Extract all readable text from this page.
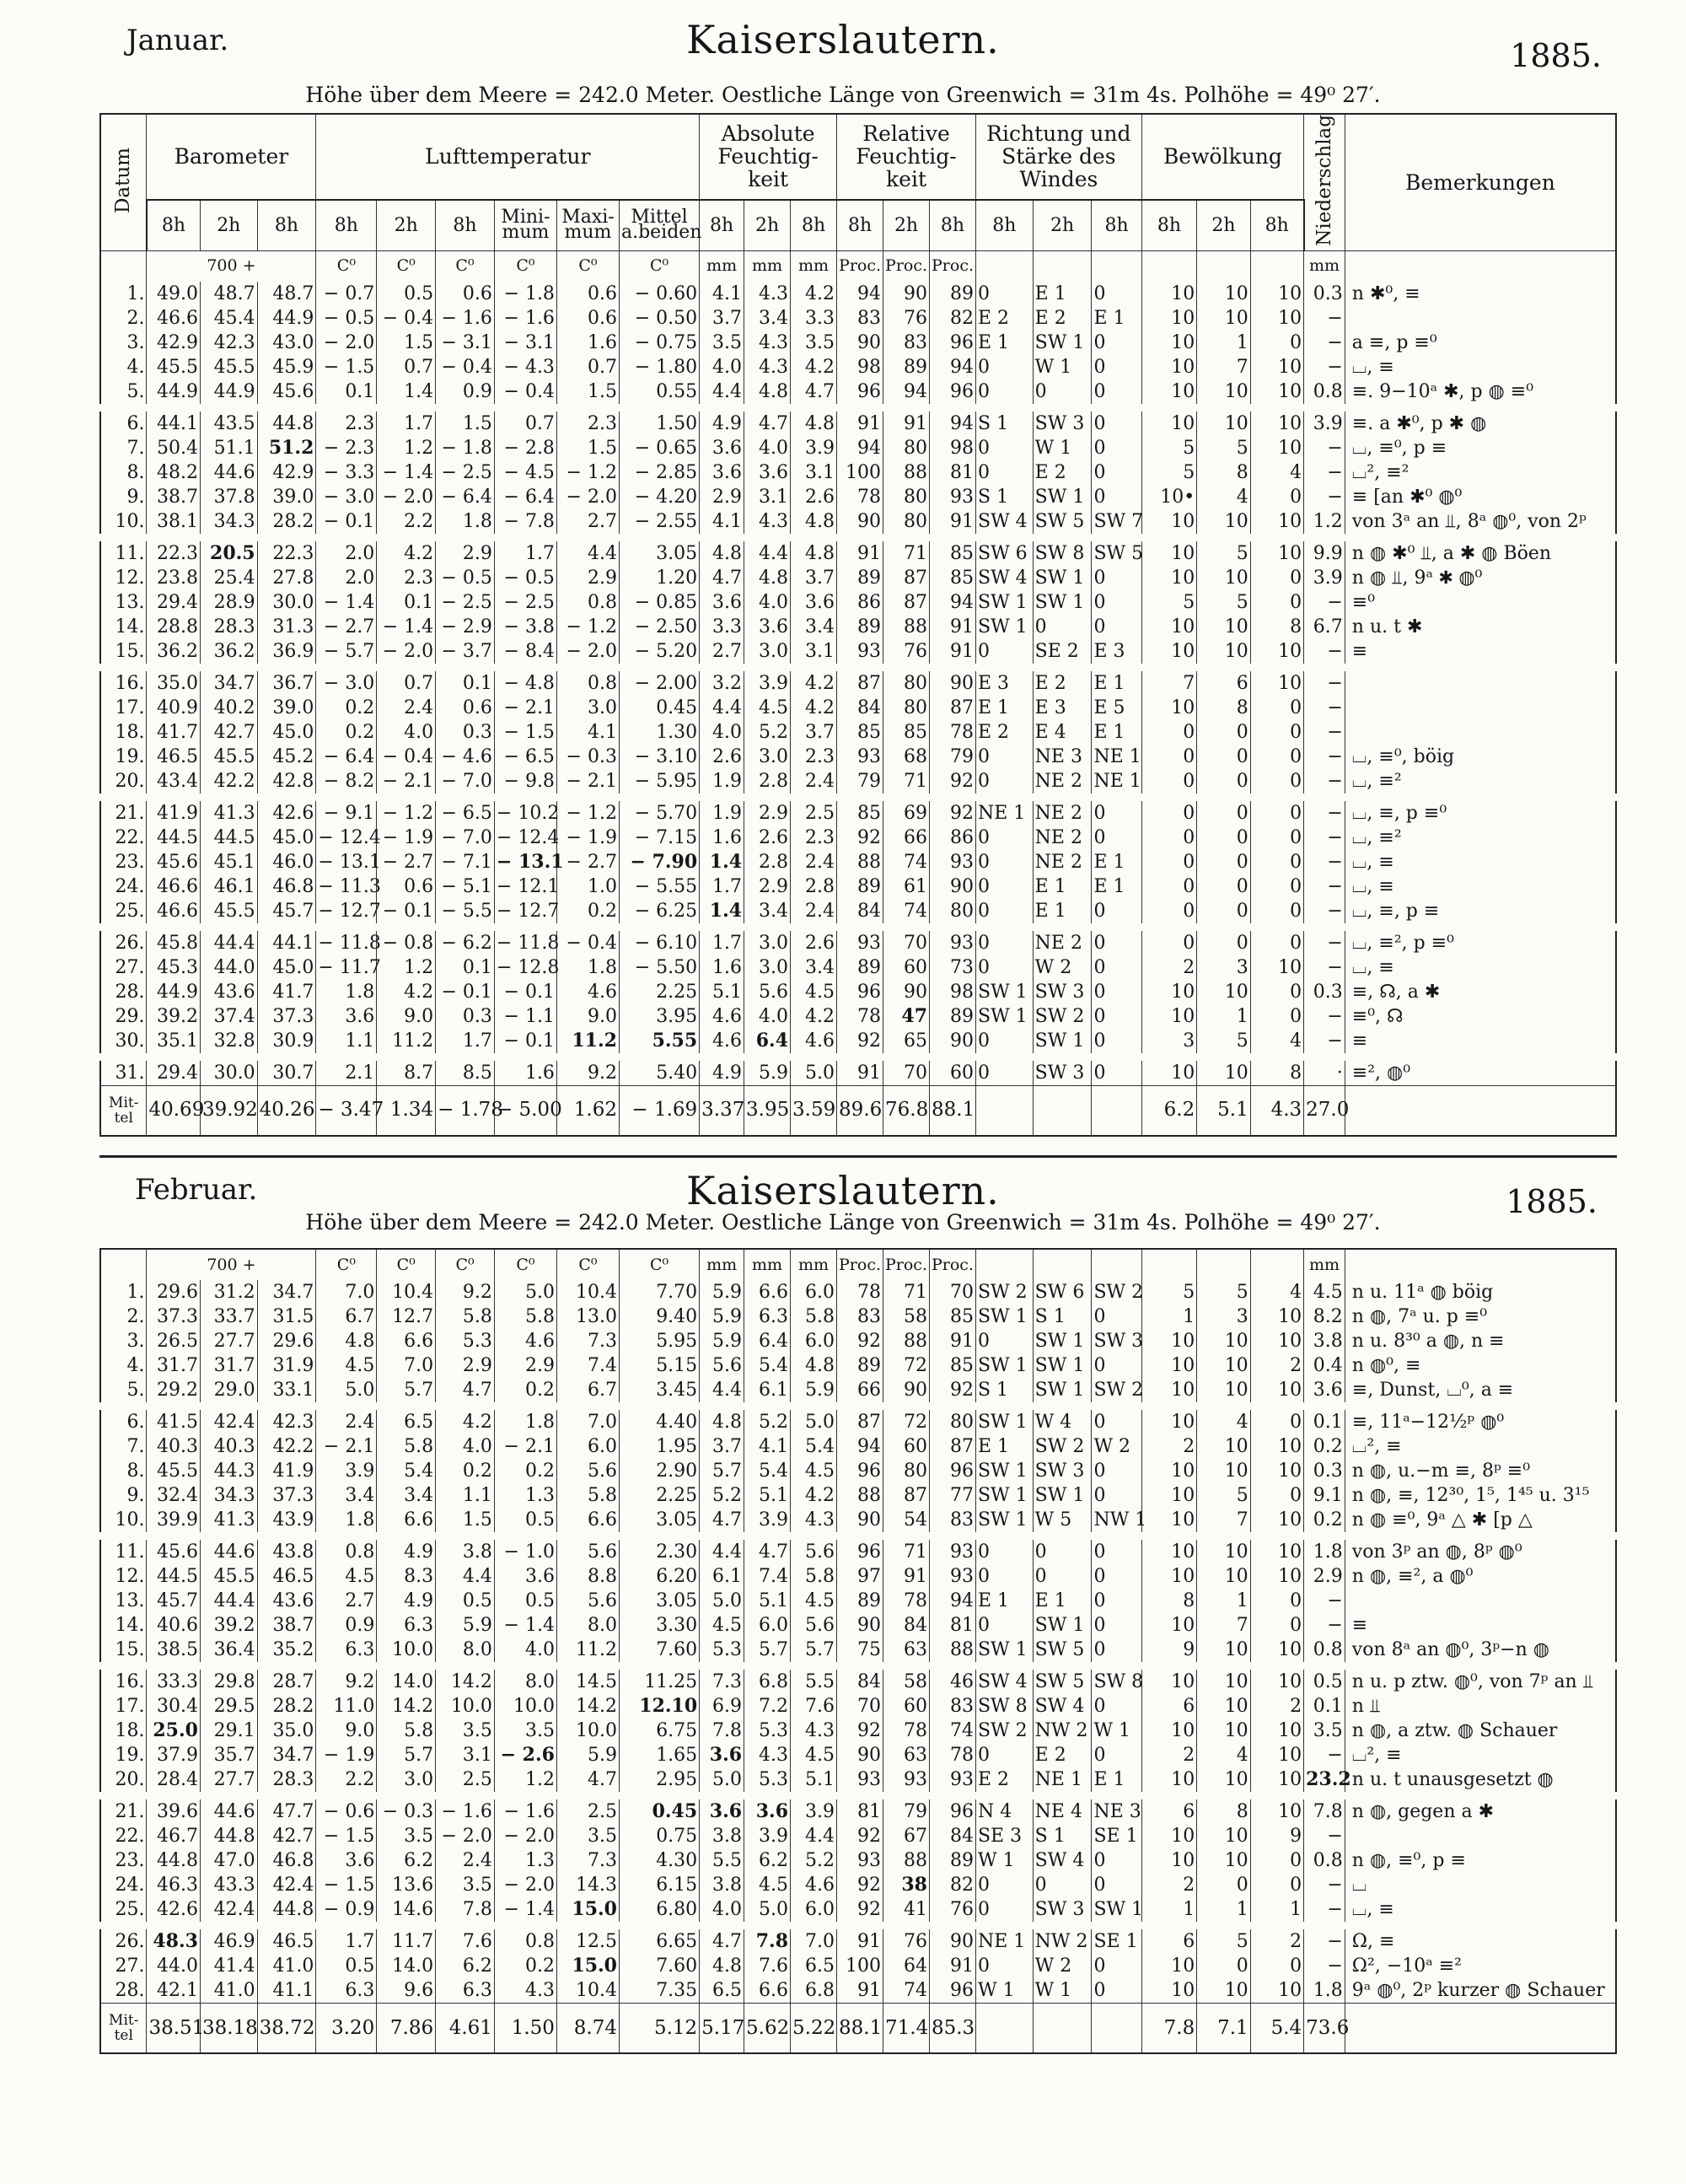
Januar.	Kaiserslautern.	1885.
Höhe über dem Meere = 242.0 Meter. Oestliche Länge von Greenwich = 31m 4s. Polhöhe = 49⁰ 27′.
Datum	Barometer			Lufttemperatur						Absolute Feuchtig- keit			Relative Feuchtig- keit			Richtung und Stärke des Windes			Bewölkung			Niederschlag	Bemerkungen
	8h	2h	8h	8h	2h	8h	Mini- mum	Maxi- mum	Mittel a.beiden	8h	2h	8h	8h	2h	8h	8h	2h	8h	8h	2h	8h		
	700 +			C⁰	C⁰	C⁰	C⁰	C⁰	C⁰	mm	mm	mm	Proc.	Proc.	Proc.							mm	
1.	49.0	48.7	48.7	− 0.7	0.5	0.6	− 1.8	0.6	− 0.60	4.1	4.3	4.2	94	90	89	0	E 1	0	10	10	10	0.3	n ✱⁰, ≡
2.	46.6	45.4	44.9	− 0.5	− 0.4	− 1.6	− 1.6	0.6	− 0.50	3.7	3.4	3.3	83	76	82	E 2	E 2	E 1	10	10	10	−	
3.	42.9	42.3	43.0	− 2.0	1.5	− 3.1	− 3.1	1.6	− 0.75	3.5	4.3	3.5	90	83	96	E 1	SW 1	0	10	1	0	−	a ≡, p ≡⁰
4.	45.5	45.5	45.9	− 1.5	0.7	− 0.4	− 4.3	0.7	− 1.80	4.0	4.3	4.2	98	89	94	0	W 1	0	10	7	10	−	⌴, ≡
5.	44.9	44.9	45.6	0.1	1.4	0.9	− 0.4	1.5	0.55	4.4	4.8	4.7	96	94	96	0	0	0	10	10	10	0.8	≡. 9−10ᵃ ✱, p ◍ ≡⁰
6.	44.1	43.5	44.8	2.3	1.7	1.5	0.7	2.3	1.50	4.9	4.7	4.8	91	91	94	S 1	SW 3	0	10	10	10	3.9	≡. a ✱⁰, p ✱ ◍
7.	50.4	51.1	51.2	− 2.3	1.2	− 1.8	− 2.8	1.5	− 0.65	3.6	4.0	3.9	94	80	98	0	W 1	0	5	5	10	−	⌴, ≡⁰, p ≡
8.	48.2	44.6	42.9	− 3.3	− 1.4	− 2.5	− 4.5	− 1.2	− 2.85	3.6	3.6	3.1	100	88	81	0	E 2	0	5	8	4	−	⌴², ≡²
9.	38.7	37.8	39.0	− 3.0	− 2.0	− 6.4	− 6.4	− 2.0	− 4.20	2.9	3.1	2.6	78	80	93	S 1	SW 1	0	10•	4	0	−	≡ [an ✱⁰ ◍⁰
10.	38.1	34.3	28.2	− 0.1	2.2	1.8	− 7.8	2.7	− 2.55	4.1	4.3	4.8	90	80	91	SW 4	SW 5	SW 7	10	10	10	1.2	von 3ᵃ an ⫫, 8ᵃ ◍⁰, von 2ᵖ
11.	22.3	20.5	22.3	2.0	4.2	2.9	1.7	4.4	3.05	4.8	4.4	4.8	91	71	85	SW 6	SW 8	SW 5	10	5	10	9.9	n ◍ ✱⁰ ⫫, a ✱ ◍ Böen
12.	23.8	25.4	27.8	2.0	2.3	− 0.5	− 0.5	2.9	1.20	4.7	4.8	3.7	89	87	85	SW 4	SW 1	0	10	10	0	3.9	n ◍ ⫫, 9ᵃ ✱ ◍⁰
13.	29.4	28.9	30.0	− 1.4	0.1	− 2.5	− 2.5	0.8	− 0.85	3.6	4.0	3.6	86	87	94	SW 1	SW 1	0	5	5	0	−	≡⁰
14.	28.8	28.3	31.3	− 2.7	− 1.4	− 2.9	− 3.8	− 1.2	− 2.50	3.3	3.6	3.4	89	88	91	SW 1	0	0	10	10	8	6.7	n u. t ✱
15.	36.2	36.2	36.9	− 5.7	− 2.0	− 3.7	− 8.4	− 2.0	− 5.20	2.7	3.0	3.1	93	76	91	0	SE 2	E 3	10	10	10	−	≡
16.	35.0	34.7	36.7	− 3.0	0.7	0.1	− 4.8	0.8	− 2.00	3.2	3.9	4.2	87	80	90	E 3	E 2	E 1	7	6	10	−	
17.	40.9	40.2	39.0	0.2	2.4	0.6	− 2.1	3.0	0.45	4.4	4.5	4.2	84	80	87	E 1	E 3	E 5	10	8	0	−	
18.	41.7	42.7	45.0	0.2	4.0	0.3	− 1.5	4.1	1.30	4.0	5.2	3.7	85	85	78	E 2	E 4	E 1	0	0	0	−	
19.	46.5	45.5	45.2	− 6.4	− 0.4	− 4.6	− 6.5	− 0.3	− 3.10	2.6	3.0	2.3	93	68	79	0	NE 3	NE 1	0	0	0	−	⌴, ≡⁰, böig
20.	43.4	42.2	42.8	− 8.2	− 2.1	− 7.0	− 9.8	− 2.1	− 5.95	1.9	2.8	2.4	79	71	92	0	NE 2	NE 1	0	0	0	−	⌴, ≡²
21.	41.9	41.3	42.6	− 9.1	− 1.2	− 6.5	− 10.2	− 1.2	− 5.70	1.9	2.9	2.5	85	69	92	NE 1	NE 2	0	0	0	0	−	⌴, ≡, p ≡⁰
22.	44.5	44.5	45.0	− 12.4	− 1.9	− 7.0	− 12.4	− 1.9	− 7.15	1.6	2.6	2.3	92	66	86	0	NE 2	0	0	0	0	−	⌴, ≡²
23.	45.6	45.1	46.0	− 13.1	− 2.7	− 7.1	− 13.1	− 2.7	− 7.90	1.4	2.8	2.4	88	74	93	0	NE 2	E 1	0	0	0	−	⌴, ≡
24.	46.6	46.1	46.8	− 11.3	0.6	− 5.1	− 12.1	1.0	− 5.55	1.7	2.9	2.8	89	61	90	0	E 1	E 1	0	0	0	−	⌴, ≡
25.	46.6	45.5	45.7	− 12.7	− 0.1	− 5.5	− 12.7	0.2	− 6.25	1.4	3.4	2.4	84	74	80	0	E 1	0	0	0	0	−	⌴, ≡, p ≡
26.	45.8	44.4	44.1	− 11.8	− 0.8	− 6.2	− 11.8	− 0.4	− 6.10	1.7	3.0	2.6	93	70	93	0	NE 2	0	0	0	0	−	⌴, ≡², p ≡⁰
27.	45.3	44.0	45.0	− 11.7	1.2	0.1	− 12.8	1.8	− 5.50	1.6	3.0	3.4	89	60	73	0	W 2	0	2	3	10	−	⌴, ≡
28.	44.9	43.6	41.7	1.8	4.2	− 0.1	− 0.1	4.6	2.25	5.1	5.6	4.5	96	90	98	SW 1	SW 3	0	10	10	0	0.3	≡, ☊, a ✱
29.	39.2	37.4	37.3	3.6	9.0	0.3	− 1.1	9.0	3.95	4.6	4.0	4.2	78	47	89	SW 1	SW 2	0	10	1	0	−	≡⁰, ☊
30.	35.1	32.8	30.9	1.1	11.2	1.7	− 0.1	11.2	5.55	4.6	6.4	4.6	92	65	90	0	SW 1	0	3	5	4	−	≡
31.	29.4	30.0	30.7	2.1	8.7	8.5	1.6	9.2	5.40	4.9	5.9	5.0	91	70	60	0	SW 3	0	10	10	8	·	≡², ◍⁰
Mit- tel	40.69	39.92	40.26	− 3.47	1.34	− 1.78	− 5.00	1.62	− 1.69	3.37	3.95	3.59	89.6	76.8	88.1				6.2	5.1	4.3	27.0	
Februar.	Kaiserslautern.	1885.
Höhe über dem Meere = 242.0 Meter. Oestliche Länge von Greenwich = 31m 4s. Polhöhe = 49⁰ 27′.
	700 +			C⁰	C⁰	C⁰	C⁰	C⁰	C⁰	mm	mm	mm	Proc.	Proc.	Proc.							mm	
1.	29.6	31.2	34.7	7.0	10.4	9.2	5.0	10.4	7.70	5.9	6.6	6.0	78	71	70	SW 2	SW 6	SW 2	5	5	4	4.5	n u. 11ᵃ ◍ böig
2.	37.3	33.7	31.5	6.7	12.7	5.8	5.8	13.0	9.40	5.9	6.3	5.8	83	58	85	SW 1	S 1	0	1	3	10	8.2	n ◍, 7ᵃ u. p ≡⁰
3.	26.5	27.7	29.6	4.8	6.6	5.3	4.6	7.3	5.95	5.9	6.4	6.0	92	88	91	0	SW 1	SW 3	10	10	10	3.8	n u. 8³⁰ a ◍, n ≡
4.	31.7	31.7	31.9	4.5	7.0	2.9	2.9	7.4	5.15	5.6	5.4	4.8	89	72	85	SW 1	SW 1	0	10	10	2	0.4	n ◍⁰, ≡
5.	29.2	29.0	33.1	5.0	5.7	4.7	0.2	6.7	3.45	4.4	6.1	5.9	66	90	92	S 1	SW 1	SW 2	10	10	10	3.6	≡, Dunst, ⌴⁰, a ≡
6.	41.5	42.4	42.3	2.4	6.5	4.2	1.8	7.0	4.40	4.8	5.2	5.0	87	72	80	SW 1	W 4	0	10	4	0	0.1	≡, 11ᵃ−12½ᵖ ◍⁰
7.	40.3	40.3	42.2	− 2.1	5.8	4.0	− 2.1	6.0	1.95	3.7	4.1	5.4	94	60	87	E 1	SW 2	W 2	2	10	10	0.2	⌴², ≡
8.	45.5	44.3	41.9	3.9	5.4	0.2	0.2	5.6	2.90	5.7	5.4	4.5	96	80	96	SW 1	SW 3	0	10	10	10	0.3	n ◍, u.−m ≡, 8ᵖ ≡⁰
9.	32.4	34.3	37.3	3.4	3.4	1.1	1.3	5.8	2.25	5.2	5.1	4.2	88	87	77	SW 1	SW 1	0	10	5	0	9.1	n ◍, ≡, 12³⁰, 1⁵, 1⁴⁵ u. 3¹⁵
10.	39.9	41.3	43.9	1.8	6.6	1.5	0.5	6.6	3.05	4.7	3.9	4.3	90	54	83	SW 1	W 5	NW 1	10	7	10	0.2	n ◍ ≡⁰, 9ᵃ △ ✱ [p △
11.	45.6	44.6	43.8	0.8	4.9	3.8	− 1.0	5.6	2.30	4.4	4.7	5.6	96	71	93	0	0	0	10	10	10	1.8	von 3ᵖ an ◍, 8ᵖ ◍⁰
12.	44.5	45.5	46.5	4.5	8.3	4.4	3.6	8.8	6.20	6.1	7.4	5.8	97	91	93	0	0	0	10	10	10	2.9	n ◍, ≡², a ◍⁰
13.	45.7	44.4	43.6	2.7	4.9	0.5	0.5	5.6	3.05	5.0	5.1	4.5	89	78	94	E 1	E 1	0	8	1	0	−	
14.	40.6	39.2	38.7	0.9	6.3	5.9	− 1.4	8.0	3.30	4.5	6.0	5.6	90	84	81	0	SW 1	0	10	7	0	−	≡
15.	38.5	36.4	35.2	6.3	10.0	8.0	4.0	11.2	7.60	5.3	5.7	5.7	75	63	88	SW 1	SW 5	0	9	10	10	0.8	von 8ᵃ an ◍⁰, 3ᵖ−n ◍
16.	33.3	29.8	28.7	9.2	14.0	14.2	8.0	14.5	11.25	7.3	6.8	5.5	84	58	46	SW 4	SW 5	SW 8	10	10	10	0.5	n u. p ztw. ◍⁰, von 7ᵖ an ⫫
17.	30.4	29.5	28.2	11.0	14.2	10.0	10.0	14.2	12.10	6.9	7.2	7.6	70	60	83	SW 8	SW 4	0	6	10	2	0.1	n ⫫
18.	25.0	29.1	35.0	9.0	5.8	3.5	3.5	10.0	6.75	7.8	5.3	4.3	92	78	74	SW 2	NW 2	W 1	10	10	10	3.5	n ◍, a ztw. ◍ Schauer
19.	37.9	35.7	34.7	− 1.9	5.7	3.1	− 2.6	5.9	1.65	3.6	4.3	4.5	90	63	78	0	E 2	0	2	4	10	−	⌴², ≡
20.	28.4	27.7	28.3	2.2	3.0	2.5	1.2	4.7	2.95	5.0	5.3	5.1	93	93	93	E 2	NE 1	E 1	10	10	10	23.2	n u. t unausgesetzt ◍
21.	39.6	44.6	47.7	− 0.6	− 0.3	− 1.6	− 1.6	2.5	0.45	3.6	3.6	3.9	81	79	96	N 4	NE 4	NE 3	6	8	10	7.8	n ◍, gegen a ✱
22.	46.7	44.8	42.7	− 1.5	3.5	− 2.0	− 2.0	3.5	0.75	3.8	3.9	4.4	92	67	84	SE 3	S 1	SE 1	10	10	9	−	
23.	44.8	47.0	46.8	3.6	6.2	2.4	1.3	7.3	4.30	5.5	6.2	5.2	93	88	89	W 1	SW 4	0	10	10	0	0.8	n ◍, ≡⁰, p ≡
24.	46.3	43.3	42.4	− 1.5	13.6	3.5	− 2.0	14.3	6.15	3.8	4.5	4.6	92	38	82	0	0	0	2	0	0	−	⌴
25.	42.6	42.4	44.8	− 0.9	14.6	7.8	− 1.4	15.0	6.80	4.0	5.0	6.0	92	41	76	0	SW 3	SW 1	1	1	1	−	⌴, ≡
26.	48.3	46.9	46.5	1.7	11.7	7.6	0.8	12.5	6.65	4.7	7.8	7.0	91	76	90	NE 1	NW 2	SE 1	6	5	2	−	Ω, ≡
27.	44.0	41.4	41.0	0.5	14.0	6.2	0.2	15.0	7.60	4.8	7.6	6.5	100	64	91	0	W 2	0	10	0	0	−	Ω², −10ᵃ ≡²
28.	42.1	41.0	41.1	6.3	9.6	6.3	4.3	10.4	7.35	6.5	6.6	6.8	91	74	96	W 1	W 1	0	10	10	10	1.8	9ᵃ ◍⁰, 2ᵖ kurzer ◍ Schauer
Mit- tel	38.51	38.18	38.72	3.20	7.86	4.61	1.50	8.74	5.12	5.17	5.62	5.22	88.1	71.4	85.3				7.8	7.1	5.4	73.6	
